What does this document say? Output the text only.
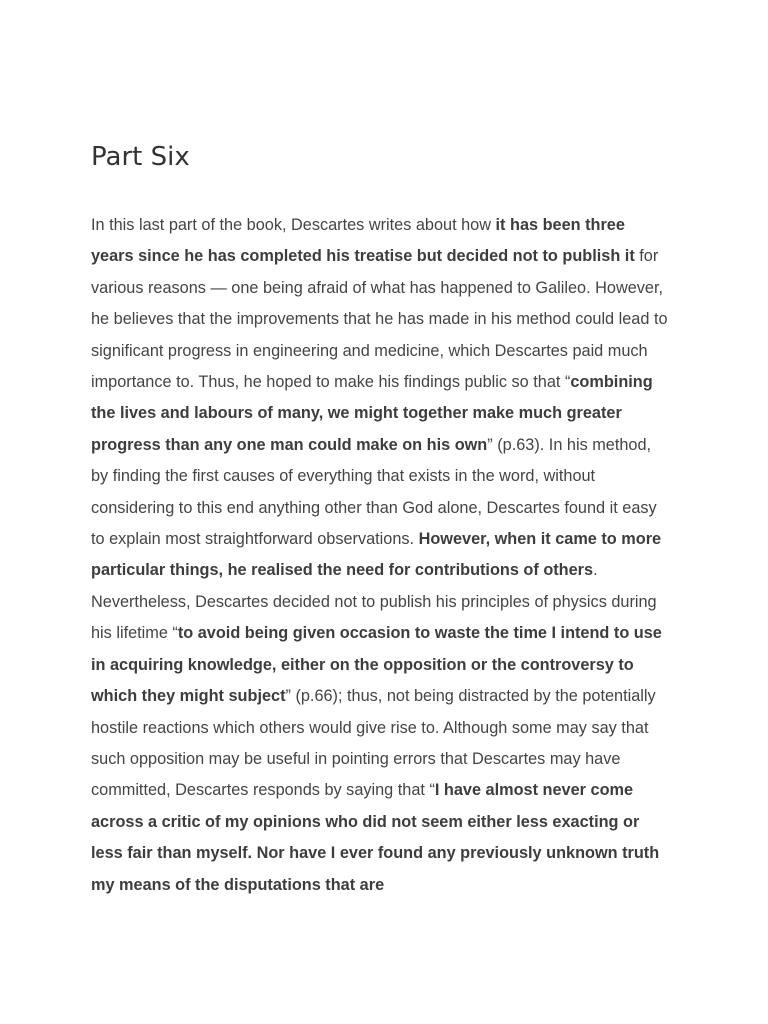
Part Six

In this last part of the book, Descartes writes about how it has been three years since he has completed his treatise but decided not to publish it for various reasons — one being afraid of what has happened to Galileo. However, he believes that the improvements that he has made in his method could lead to significant progress in engineering and medicine, which Descartes paid much importance to. Thus, he hoped to make his findings public so that “combining the lives and labours of many, we might together make much greater progress than any one man could make on his own” (p.63). In his method, by finding the first causes of everything that exists in the word, without considering to this end anything other than God alone, Descartes found it easy to explain most straightforward observations. However, when it came to more particular things, he realised the need for contributions of others.

Nevertheless, Descartes decided not to publish his principles of physics during his lifetime “to avoid being given occasion to waste the time I intend to use in acquiring knowledge, either on the opposition or the controversy to which they might subject” (p.66); thus, not being distracted by the potentially hostile reactions which others would give rise to. Although some may say that such opposition may be useful in pointing errors that Descartes may have committed, Descartes responds by saying that “I have almost never come across a critic of my opinions who did not seem either less exacting or less fair than myself. Nor have I ever found any previously unknown truth my means of the disputations that are
